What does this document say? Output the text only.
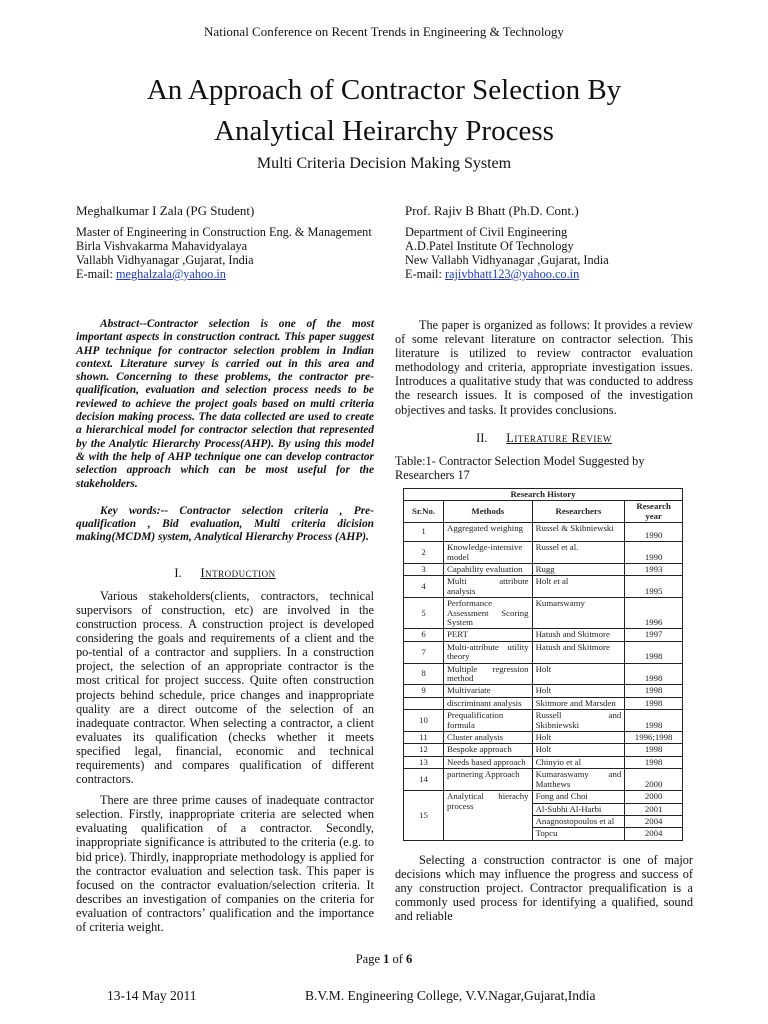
National Conference on Recent Trends in Engineering & Technology
An Approach of Contractor Selection By
Analytical Heirarchy Process
Multi Criteria Decision Making System
Meghalkumar I Zala (PG Student)
Master of Engineering in Construction Eng. & Management
Birla Vishvakarma Mahavidyalaya
Vallabh Vidhyanagar ,Gujarat, India
E-mail: meghalzala@yahoo.in
Prof. Rajiv B Bhatt (Ph.D. Cont.)
Department of Civil Engineering
A.D.Patel Institute Of Technology
New Vallabh Vidhyanagar ,Gujarat, India
E-mail: rajivbhatt123@yahoo.co.in

Abstract--Contractor selection is one of the most important aspects in construction contract. This paper suggest AHP technique for contractor selection problem in Indian context. Literature survey is carried out in this area and shown. Concerning to these problems, the contractor pre- qualification, evaluation and selection process needs to be reviewed to achieve the project goals based on multi criteria decision making process. The data collected are used to create a hierarchical model for contractor selection that represented by the Analytic Hierarchy Process(AHP). By using this model & with the help of AHP technique one can develop contractor selection approach which can be most useful for the stakeholders.

Key words:-- Contractor selection criteria , Pre-qualification , Bid evaluation, Multi criteria dicision making(MCDM) system, Analytical Hierarchy Process (AHP).

I. Introduction

Various stakeholders(clients, contractors, technical supervisors of construction, etc) are involved in the construction process. A construction project is developed considering the goals and requirements of a client and the po-tential of a contractor and suppliers. In a construction project, the selection of an appropriate contractor is the most critical for project success. Quite often construction projects behind schedule, price changes and inappropriate quality are a direct outcome of the selection of an inadequate contractor. When selecting a contractor, a client evaluates its qualification (checks whether it meets specified legal, financial, economic and technical requirements) and compares qualification of different contractors.

There are three prime causes of inadequate contractor selection. Firstly, inappropriate criteria are selected when evaluating qualification of a contractor. Secondly, inappropriate significance is attributed to the criteria (e.g. to bid price). Thirdly, inappropriate methodology is applied for the contractor evaluation and selection task. This paper is focused on the contractor evaluation/selection criteria. It describes an investigation of companies on the criteria for evaluation of contractors’ qualification and the importance of criteria weight.

The paper is organized as follows: It provides a review of some relevant literature on contractor selection. This literature is utilized to review contractor evaluation methodology and criteria, appropriate investigation issues. Introduces a qualitative study that was conducted to address the research issues. It is composed of the investigation objectives and tasks. It provides conclusions.

II. Literature Review
Table:1- Contractor Selection Model Suggested by Researchers 17
Research History			
Sr.No.	Methods	Researchers	Research year
1	Aggregated weighing	Russel & Skibniewski	1990
2	Knowledge-intensive model	Russel et al.	1990
3	Capability evaluation	Rugg	1993
4	Multi attribute analysis	Holt et al	1995
5	Performance Assessment Scoring System	Kumarswamy	1996
6	PERT	Hatush and Skitmore	1997
7	Multi-attribute utility theory	Hatush and Skitmore	1998
8	Multiple regression method	Holt	1998
9	Multivariate	Holt	1998
	discriminant analysis	Skitmore and Marsden	1998
10	Prequalification formula	Russell and Skibniewski	1998
11	Cluster analysis	Holt	1996;1998
12	Bespoke approach	Holt	1998
13	Needs based approach	Chinyio et al	1998
14	partnering Approach	Kumaraswamy and Matthews	2000
15	Analytical hierachy process	Fong and Choi	2000
		Al-Subhi Al-Harbi	2001
		Anagnostopoulos et al	2004
		Topcu	2004

Selecting a construction contractor is one of major decisions which may influence the progress and success of any construction project. Contractor prequalification is a commonly used process for identifying a qualified, sound and reliable

Page 1 of 6
13-14 May 2011	B.V.M. Engineering College, V.V.Nagar,Gujarat,India
